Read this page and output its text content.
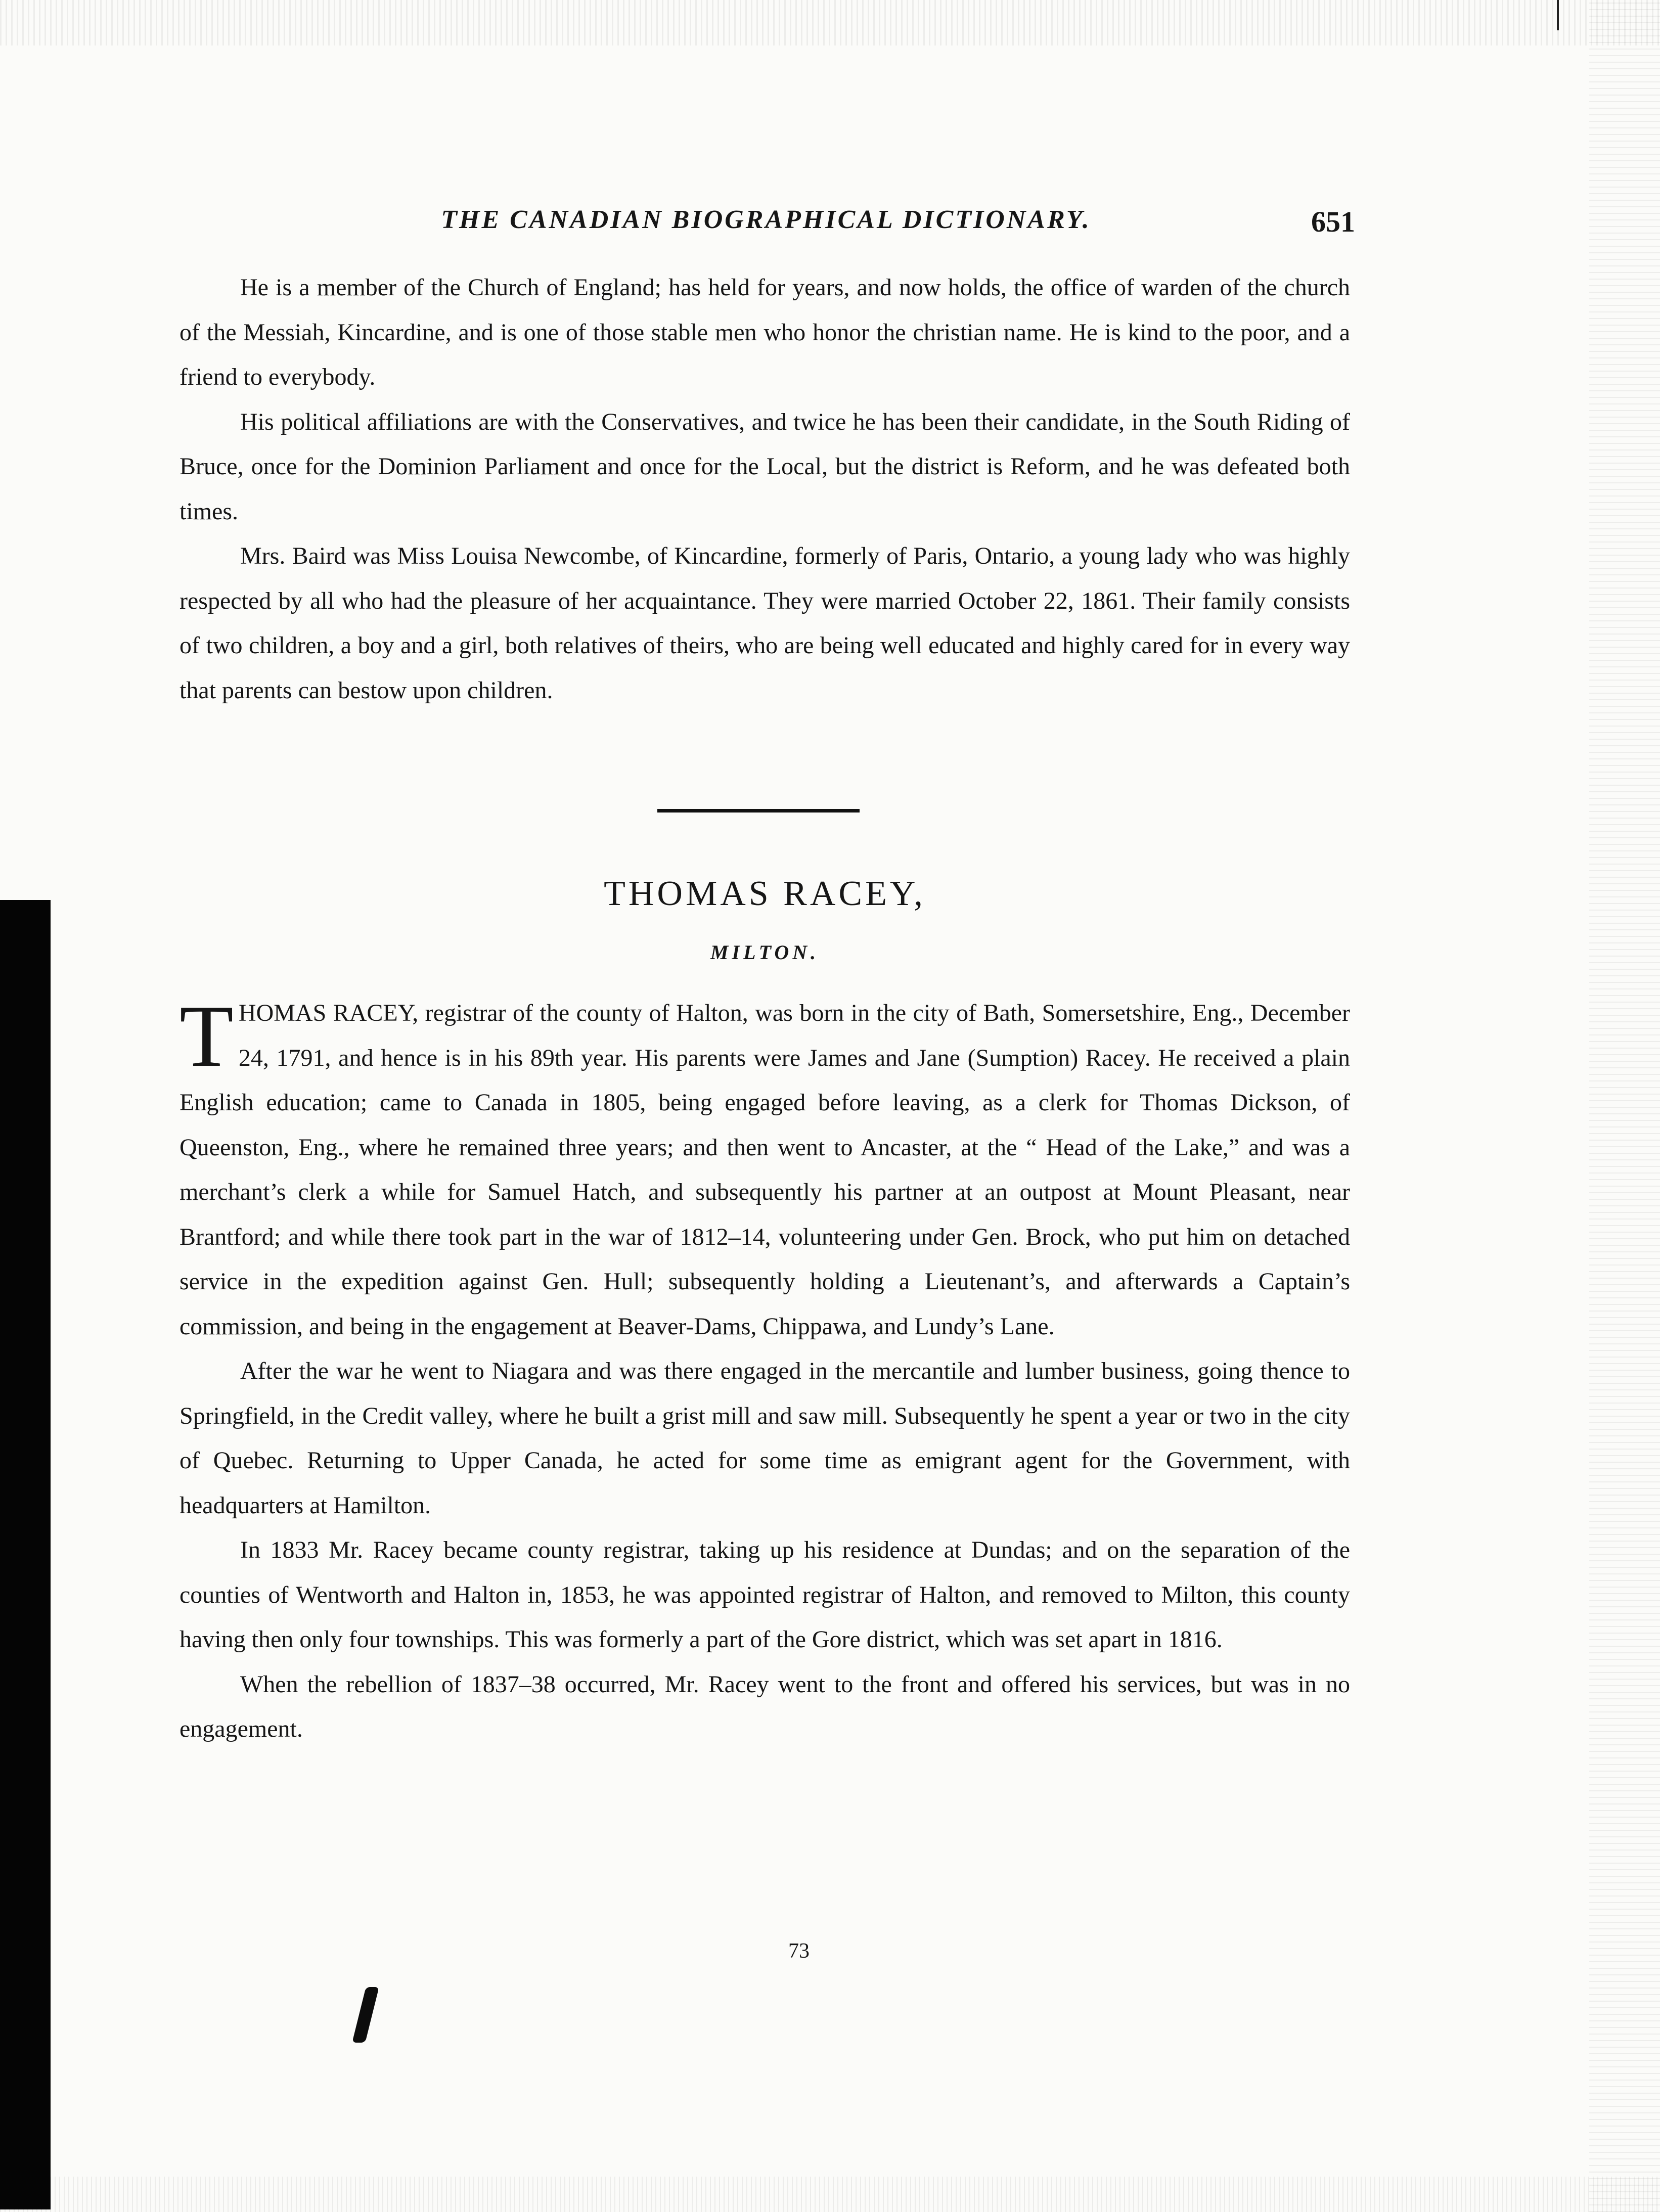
THE CANADIAN BIOGRAPHICAL DICTIONARY.	651

He is a member of the Church of England; has held for years, and now holds, the office of warden of the church of the Messiah, Kincardine, and is one of those stable men who honor the christian name. He is kind to the poor, and a friend to everybody.

His political affiliations are with the Conservatives, and twice he has been their candidate, in the South Riding of Bruce, once for the Dominion Parliament and once for the Local, but the district is Reform, and he was defeated both times.

Mrs. Baird was Miss Louisa Newcombe, of Kincardine, formerly of Paris, Ontario, a young lady who was highly respected by all who had the pleasure of her acquaintance. They were married October 22, 1861. Their family consists of two children, a boy and a girl, both relatives of theirs, who are being well educated and highly cared for in every way that parents can bestow upon children.

THOMAS RACEY,
MILTON.

THOMAS RACEY, registrar of the county of Halton, was born in the city of Bath, Somersetshire, Eng., December 24, 1791, and hence is in his 89th year. His parents were James and Jane (Sumption) Racey. He received a plain English education; came to Canada in 1805, being engaged before leaving, as a clerk for Thomas Dickson, of Queenston, Eng., where he remained three years; and then went to Ancaster, at the “ Head of the Lake,” and was a merchant’s clerk a while for Samuel Hatch, and subsequently his partner at an outpost at Mount Pleasant, near Brantford; and while there took part in the war of 1812–14, volunteering under Gen. Brock, who put him on detached service in the expedition against Gen. Hull; subsequently holding a Lieutenant’s, and afterwards a Captain’s commission, and being in the engagement at Beaver-Dams, Chippawa, and Lundy’s Lane.

After the war he went to Niagara and was there engaged in the mercantile and lumber business, going thence to Springfield, in the Credit valley, where he built a grist mill and saw mill. Subsequently he spent a year or two in the city of Quebec. Returning to Upper Canada, he acted for some time as emigrant agent for the Government, with headquarters at Hamilton.

In 1833 Mr. Racey became county registrar, taking up his residence at Dundas; and on the separation of the counties of Wentworth and Halton in, 1853, he was appointed registrar of Halton, and removed to Milton, this county having then only four townships. This was formerly a part of the Gore district, which was set apart in 1816.

When the rebellion of 1837–38 occurred, Mr. Racey went to the front and offered his services, but was in no engagement.

73
